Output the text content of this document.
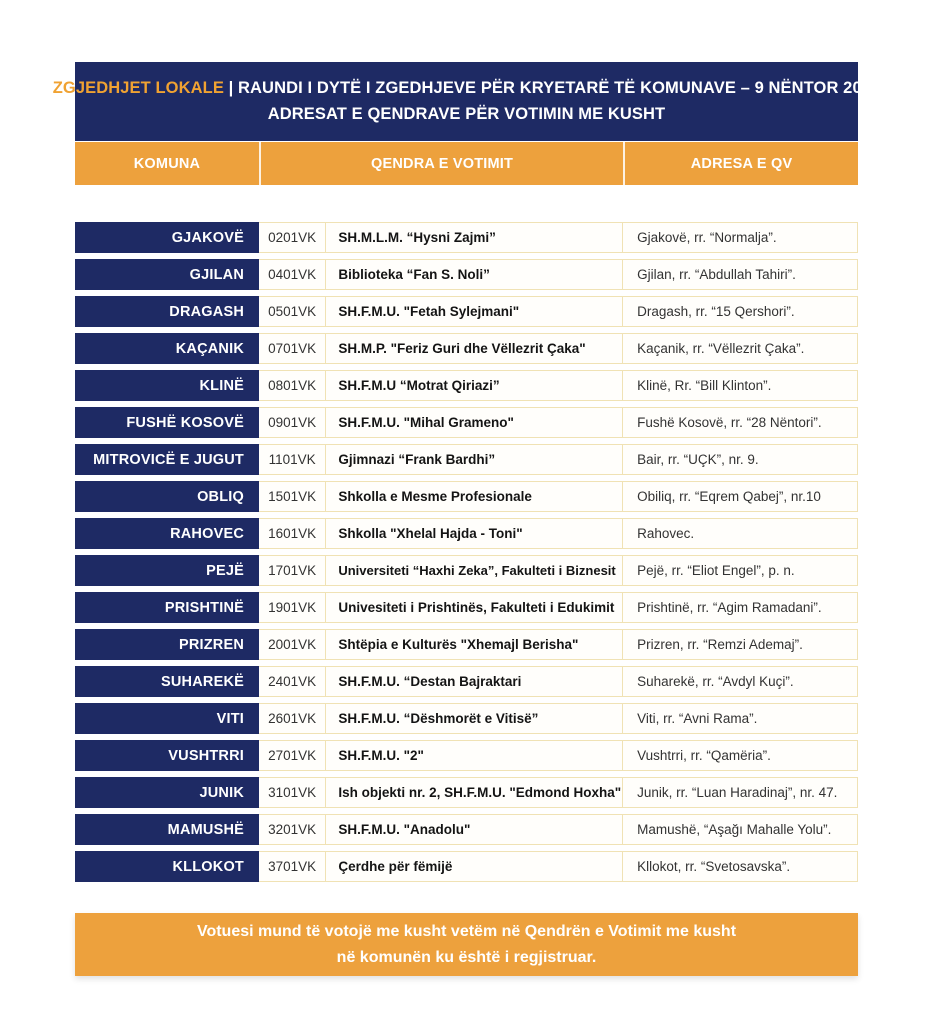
ZGJEDHJET LOKALE | RAUNDI I DYTË I ZGEDHJEVE PËR KRYETARË TË KOMUNAVE – 9 NËNTOR 2025
ADRESAT E QENDRAVE PËR VOTIMIN ME KUSHT
KOMUNA	QENDRA E VOTIMIT	ADRESA E QV
GJAKOVË	0201VK	SH.M.L.M. “Hysni Zajmi”	Gjakovë, rr. “Normalja”.
GJILAN	0401VK	Biblioteka “Fan S. Noli”	Gjilan, rr. “Abdullah Tahiri”.
DRAGASH	0501VK	SH.F.M.U. "Fetah Sylejmani"	Dragash, rr. “15 Qershori”.
KAÇANIK	0701VK	SH.M.P. "Feriz Guri dhe Vëllezrit Çaka"	Kaçanik, rr. “Vëllezrit Çaka”.
KLINË	0801VK	SH.F.M.U “Motrat Qiriazi”	Klinë, Rr. “Bill Klinton”.
FUSHË KOSOVË	0901VK	SH.F.M.U. "Mihal Grameno"	Fushë Kosovë, rr. “28 Nëntori”.
MITROVICË E JUGUT	1101VK	Gjimnazi “Frank Bardhi”	Bair, rr. “UÇK”, nr. 9.
OBLIQ	1501VK	Shkolla e Mesme Profesionale	Obiliq, rr. “Eqrem Qabej”, nr.10
RAHOVEC	1601VK	Shkolla "Xhelal Hajda - Toni"	Rahovec.
PEJË	1701VK	Universiteti “Haxhi Zeka”, Fakulteti i Biznesit	Pejë, rr. “Eliot Engel”, p. n.
PRISHTINË	1901VK	Univesiteti i Prishtinës, Fakulteti i Edukimit	Prishtinë, rr. “Agim Ramadani”.
PRIZREN	2001VK	Shtëpia e Kulturës "Xhemajl Berisha"	Prizren, rr. “Remzi Ademaj”.
SUHAREKË	2401VK	SH.F.M.U. “Destan Bajraktari	Suharekë, rr. “Avdyl Kuçi”.
VITI	2601VK	SH.F.M.U. “Dëshmorët e Vitisë”	Viti, rr. “Avni Rama”.
VUSHTRRI	2701VK	SH.F.M.U. "2"	Vushtrri, rr. “Qamëria”.
JUNIK	3101VK	Ish objekti nr. 2, SH.F.M.U. "Edmond Hoxha"	Junik, rr. “Luan Haradinaj”, nr. 47.
MAMUSHË	3201VK	SH.F.M.U. "Anadolu"	Mamushë, “Aşağı Mahalle Yolu”.
KLLOKOT	3701VK	Çerdhe për fëmijë	Kllokot, rr. “Svetosavska”.
Votuesi mund të votojë me kusht vetëm në Qendrën e Votimit me kusht
në komunën ku është i regjistruar.
